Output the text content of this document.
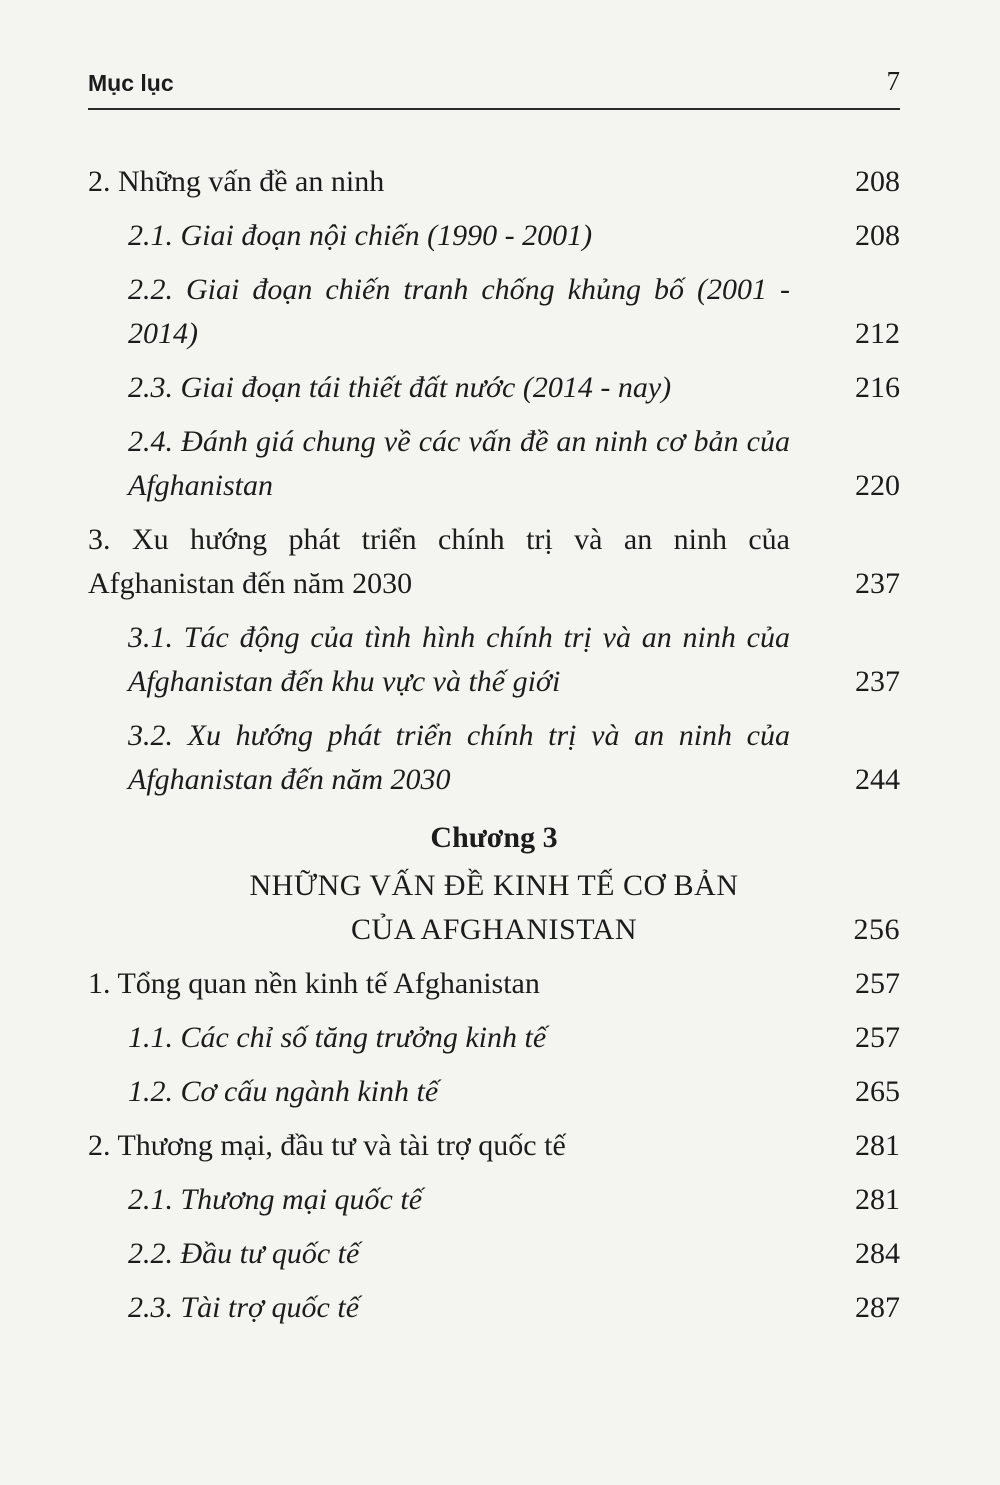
Mục lục	7
2. Những vấn đề an ninh	208
2.1. Giai đoạn nội chiến (1990 - 2001)	208
2.2. Giai đoạn chiến tranh chống khủng bố (2001 - 2014)	212
2.3. Giai đoạn tái thiết đất nước (2014 - nay)	216
2.4. Đánh giá chung về các vấn đề an ninh cơ bản của Afghanistan	220
3. Xu hướng phát triển chính trị và an ninh của Afghanistan đến năm 2030	237
3.1. Tác động của tình hình chính trị và an ninh của Afghanistan đến khu vực và thế giới	237
3.2. Xu hướng phát triển chính trị và an ninh của Afghanistan đến năm 2030	244
Chương 3
NHỮNG VẤN ĐỀ KINH TẾ CƠ BẢN
CỦA AFGHANISTAN	256
1. Tổng quan nền kinh tế Afghanistan	257
1.1. Các chỉ số tăng trưởng kinh tế	257
1.2. Cơ cấu ngành kinh tế	265
2. Thương mại, đầu tư và tài trợ quốc tế	281
2.1. Thương mại quốc tế	281
2.2. Đầu tư quốc tế	284
2.3. Tài trợ quốc tế	287
